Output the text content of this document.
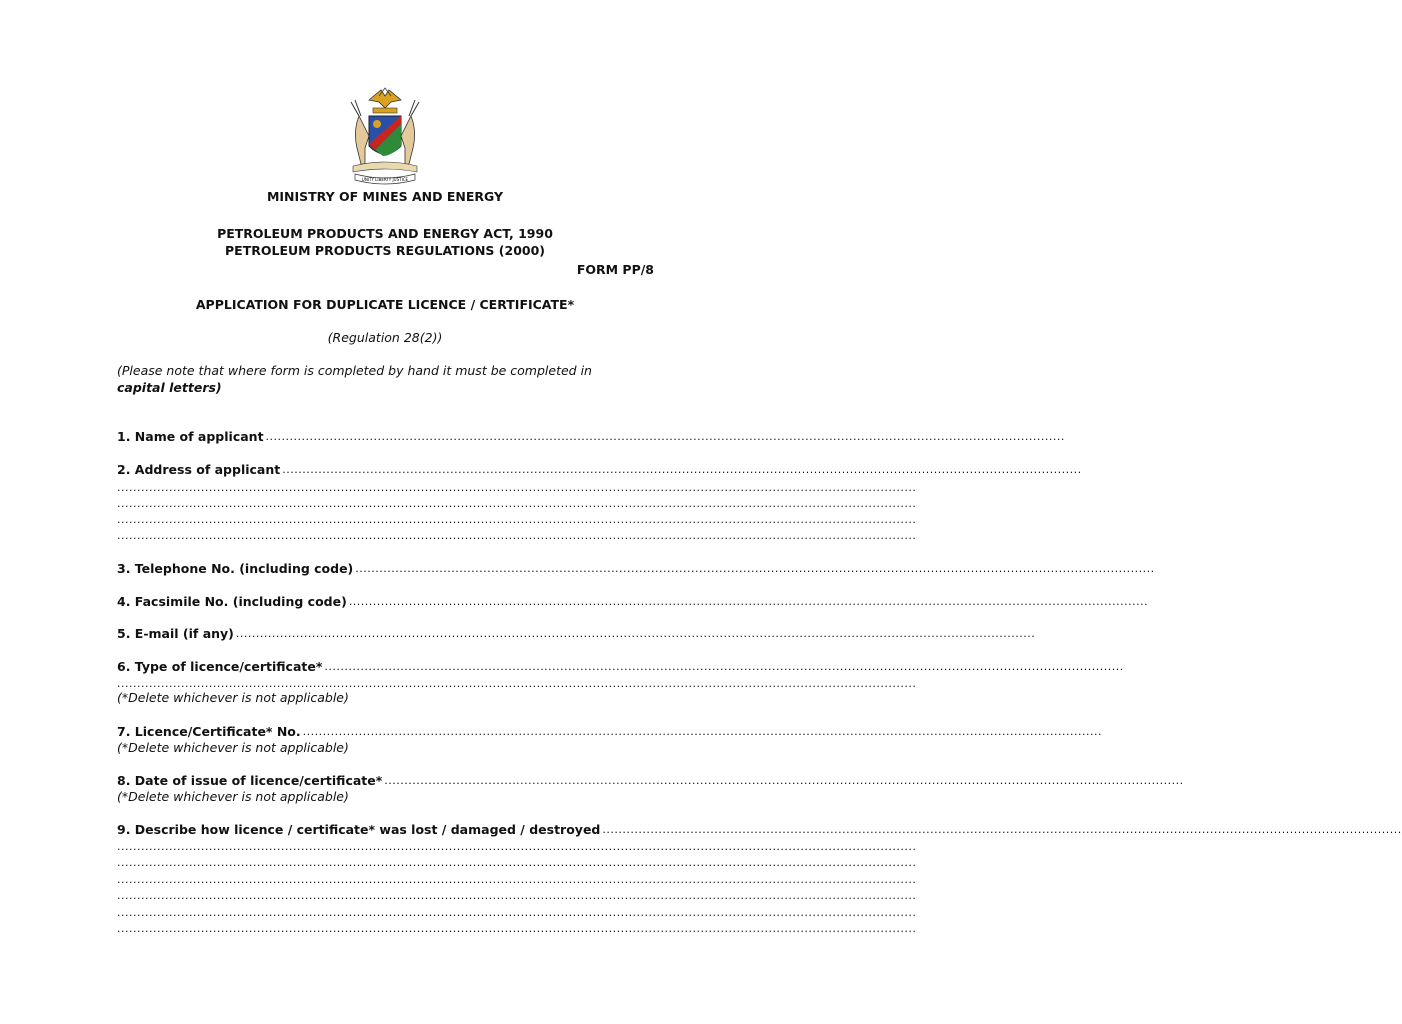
UNITY LIBERTY JUSTICE
MINISTRY OF MINES AND ENERGY
PETROLEUM PRODUCTS AND ENERGY ACT, 1990
PETROLEUM PRODUCTS REGULATIONS (2000)
FORM PP/8
APPLICATION FOR DUPLICATE LICENCE / CERTIFICATE*
(Regulation 28(2))
(Please note that where form is completed by hand it must be completed in
capital letters)
1. Name of applicant ........................................................................................................................................................................................................
2. Address of applicant ........................................................................................................................................................................................................
........................................................................................................................................................................................................
........................................................................................................................................................................................................
........................................................................................................................................................................................................
........................................................................................................................................................................................................
3. Telephone No. (including code) ........................................................................................................................................................................................................
4. Facsimile No. (including code) ........................................................................................................................................................................................................
5. E-mail (if any) ........................................................................................................................................................................................................
6. Type of licence/certificate* ........................................................................................................................................................................................................
........................................................................................................................................................................................................
(*Delete whichever is not applicable)
7. Licence/Certificate* No. ........................................................................................................................................................................................................
(*Delete whichever is not applicable)
8. Date of issue of licence/certificate* ........................................................................................................................................................................................................
(*Delete whichever is not applicable)
9. Describe how licence / certificate* was lost / damaged / destroyed ........................................................................................................................................................................................................
........................................................................................................................................................................................................
........................................................................................................................................................................................................
........................................................................................................................................................................................................
........................................................................................................................................................................................................
........................................................................................................................................................................................................
........................................................................................................................................................................................................
